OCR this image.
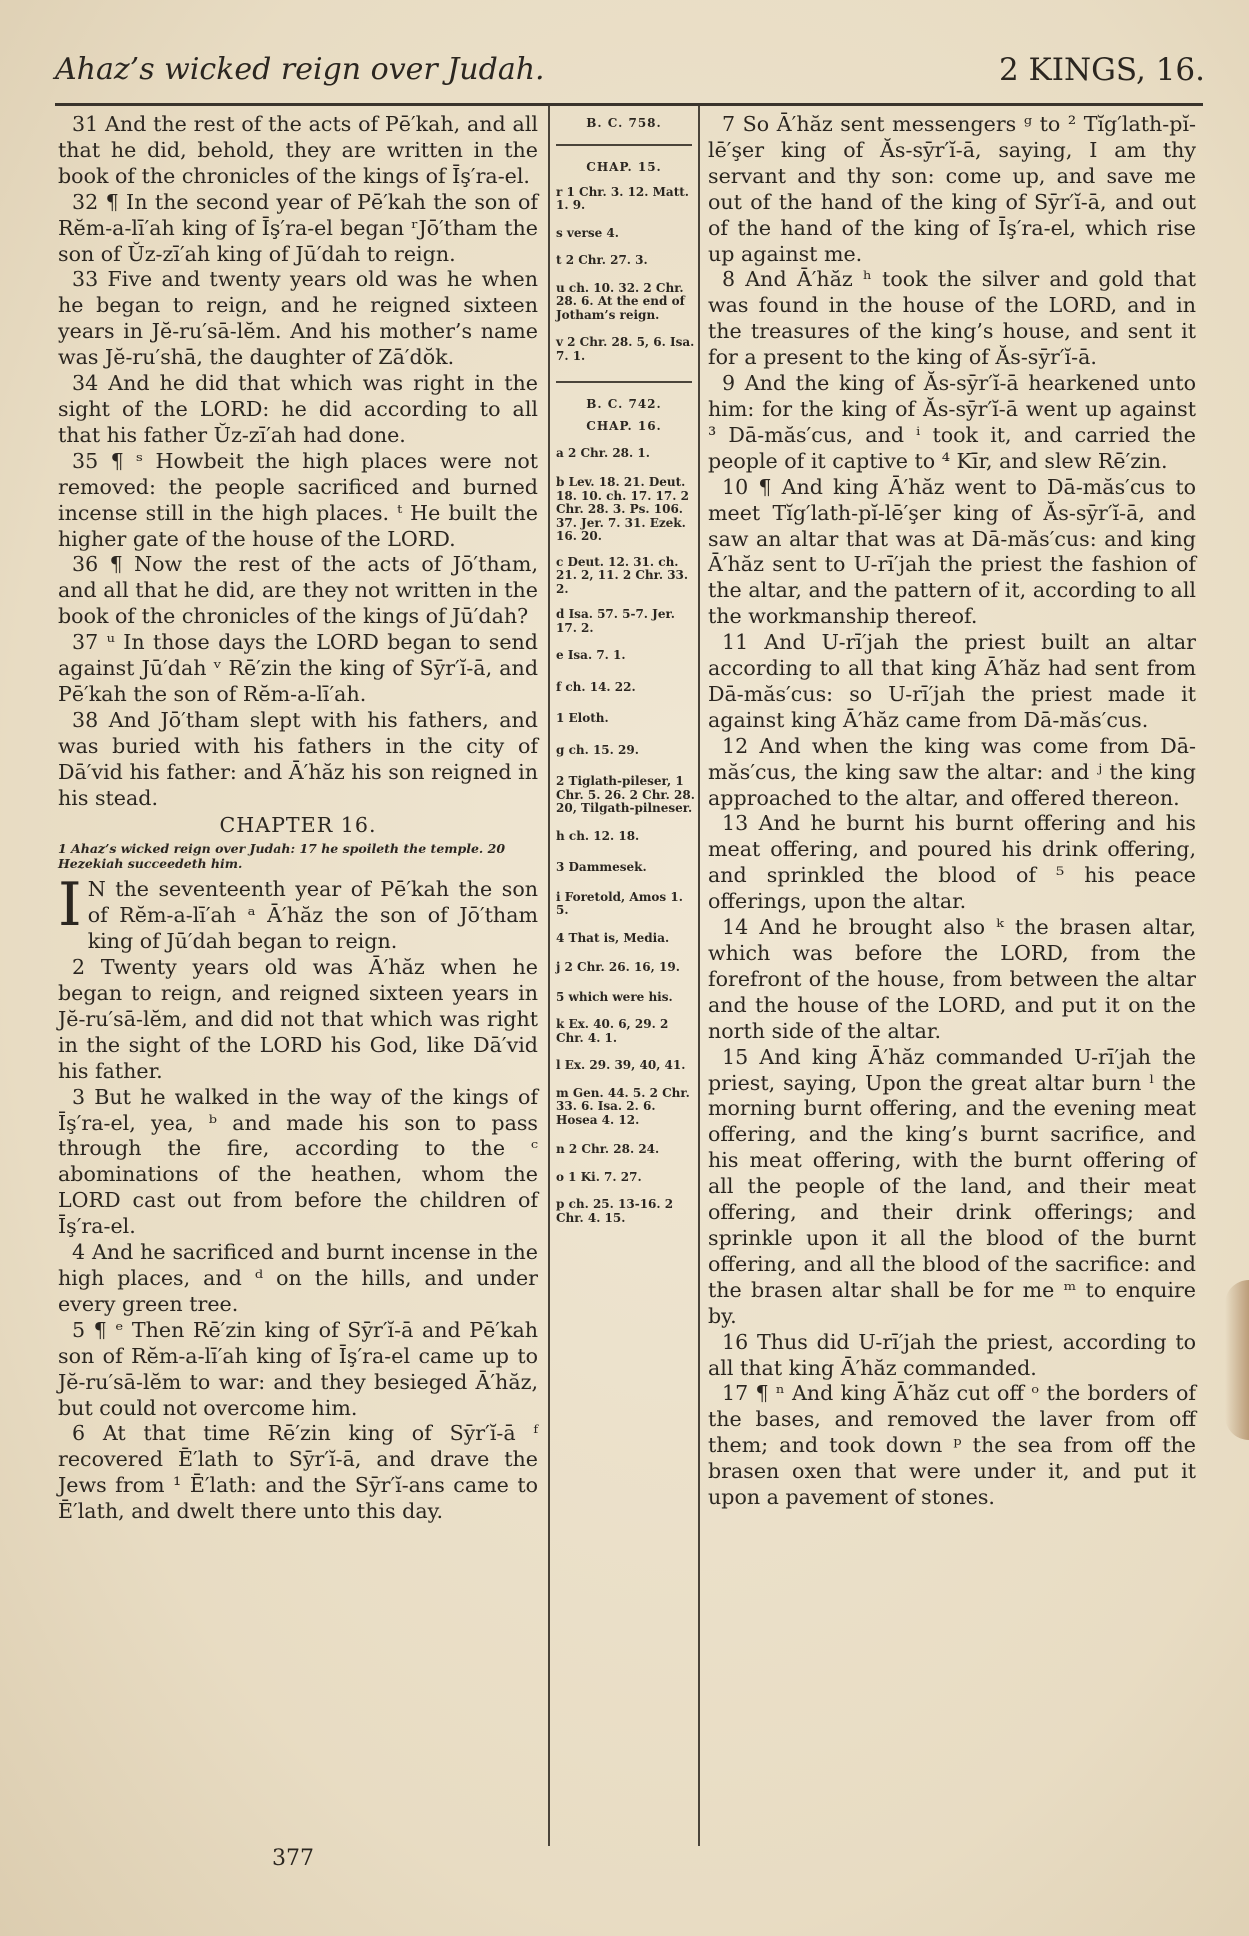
Ahaz’s wicked reign over Judah.	2 KINGS, 16.

31 And the rest of the acts of Pē′kah, and all that he did, behold, they are written in the book of the chronicles of the kings of Īş′ra-el.

32 ¶ In the second year of Pē′kah the son of Rĕm-a-lī′ah king of Īş′ra-el began ʳJō′tham the son of Ŭz-zī′ah king of Jū′dah to reign.

33 Five and twenty years old was he when he began to reign, and he reigned sixteen years in Jĕ-ru′sā-lĕm. And his mother’s name was Jĕ-ru′shā, the daughter of Zā′dŏk.

34 And he did that which was right in the sight of the LORD: he did according to all that his father Ŭz-zī′ah had done.

35 ¶ ˢ Howbeit the high places were not removed: the people sacrificed and burned incense still in the high places. ᵗ He built the higher gate of the house of the LORD.

36 ¶ Now the rest of the acts of Jō′tham, and all that he did, are they not written in the book of the chronicles of the kings of Jū′dah?

37 ᵘ In those days the LORD began to send against Jū′dah ᵛ Rē′zin the king of Sȳr′ĭ-ā, and Pē′kah the son of Rĕm-a-lī′ah.

38 And Jō′tham slept with his fathers, and was buried with his fathers in the city of Dā′vid his father: and Ā′hăz his son reigned in his stead.

CHAPTER 16.

1 Ahaz’s wicked reign over Judah: 17 he spoileth the temple. 20 Hezekiah succeedeth him.

I N the seventeenth year of Pē′kah the son of Rĕm-a-lī′ah ᵃ Ā′hăz the son of Jō′tham king of Jū′dah began to reign.

2 Twenty years old was Ā′hăz when he began to reign, and reigned sixteen years in Jĕ-ru′sā-lĕm, and did not that which was right in the sight of the LORD his God, like Dā′vid his father.

3 But he walked in the way of the kings of Īş′ra-el, yea, ᵇ and made his son to pass through the fire, according to the ᶜ abominations of the heathen, whom the LORD cast out from before the children of Īş′ra-el.

4 And he sacrificed and burnt incense in the high places, and ᵈ on the hills, and under every green tree.

5 ¶ ᵉ Then Rē′zin king of Sȳr′ĭ-ā and Pē′kah son of Rĕm-a-lī′ah king of Īş′ra-el came up to Jĕ-ru′sā-lĕm to war: and they besieged Ā′hăz, but could not overcome him.

6 At that time Rē′zin king of Sȳr′ĭ-ā ᶠ recovered Ē′lath to Sȳr′ĭ-ā, and drave the Jews from ¹ Ē′lath: and the Sȳr′ĭ-ans came to Ē′lath, and dwelt there unto this day.

B. C. 758.

CHAP. 15.

r 1 Chr. 3. 12. Matt. 1. 9.

s verse 4.

t 2 Chr. 27. 3.

u ch. 10. 32. 2 Chr. 28. 6. At the end of Jotham’s reign.

v 2 Chr. 28. 5, 6. Isa. 7. 1.

B. C. 742.

CHAP. 16.

a 2 Chr. 28. 1.

b Lev. 18. 21. Deut. 18. 10. ch. 17. 17. 2 Chr. 28. 3. Ps. 106. 37. Jer. 7. 31. Ezek. 16. 20.

c Deut. 12. 31. ch. 21. 2, 11. 2 Chr. 33. 2.

d Isa. 57. 5-7. Jer. 17. 2.

e Isa. 7. 1.

f ch. 14. 22.

1 Eloth.

g ch. 15. 29.

2 Tiglath-pileser, 1 Chr. 5. 26. 2 Chr. 28. 20, Tilgath-pilneser.

h ch. 12. 18.

3 Dammesek.

i Foretold, Amos 1. 5.

4 That is, Media.

j 2 Chr. 26. 16, 19.

5 which were his.

k Ex. 40. 6, 29. 2 Chr. 4. 1.

l Ex. 29. 39, 40, 41.

m Gen. 44. 5. 2 Chr. 33. 6. Isa. 2. 6. Hosea 4. 12.

n 2 Chr. 28. 24.

o 1 Ki. 7. 27.

p ch. 25. 13-16. 2 Chr. 4. 15.

7 So Ā′hăz sent messengers ᵍ to ² Tĭg′lath-pĭ-lē′şer king of Ăs-sȳr′ĭ-ā, saying, I am thy servant and thy son: come up, and save me out of the hand of the king of Sȳr′ĭ-ā, and out of the hand of the king of Īş′ra-el, which rise up against me.

8 And Ā′hăz ʰ took the silver and gold that was found in the house of the LORD, and in the treasures of the king’s house, and sent it for a present to the king of Ăs-sȳr′ĭ-ā.

9 And the king of Ăs-sȳr′ĭ-ā hearkened unto him: for the king of Ăs-sȳr′ĭ-ā went up against ³ Dā-măs′cus, and ⁱ took it, and carried the people of it captive to ⁴ Kīr, and slew Rē′zin.

10 ¶ And king Ā′hăz went to Dā-măs′cus to meet Tĭg′lath-pĭ-lē′şer king of Ăs-sȳr′ĭ-ā, and saw an altar that was at Dā-măs′cus: and king Ā′hăz sent to U-rī′jah the priest the fashion of the altar, and the pattern of it, according to all the workmanship thereof.

11 And U-rī′jah the priest built an altar according to all that king Ā′hăz had sent from Dā-măs′cus: so U-rī′jah the priest made it against king Ā′hăz came from Dā-măs′cus.

12 And when the king was come from Dā-măs′cus, the king saw the altar: and ʲ the king approached to the altar, and offered thereon.

13 And he burnt his burnt offering and his meat offering, and poured his drink offering, and sprinkled the blood of ⁵ his peace offerings, upon the altar.

14 And he brought also ᵏ the brasen altar, which was before the LORD, from the forefront of the house, from between the altar and the house of the LORD, and put it on the north side of the altar.

15 And king Ā′hăz commanded U-rī′jah the priest, saying, Upon the great altar burn ˡ the morning burnt offering, and the evening meat offering, and the king’s burnt sacrifice, and his meat offering, with the burnt offering of all the people of the land, and their meat offering, and their drink offerings; and sprinkle upon it all the blood of the burnt offering, and all the blood of the sacrifice: and the brasen altar shall be for me ᵐ to enquire by.

16 Thus did U-rī′jah the priest, according to all that king Ā′hăz commanded.

17 ¶ ⁿ And king Ā′hăz cut off ᵒ the borders of the bases, and removed the laver from off them; and took down ᵖ the sea from off the brasen oxen that were under it, and put it upon a pavement of stones.

377
